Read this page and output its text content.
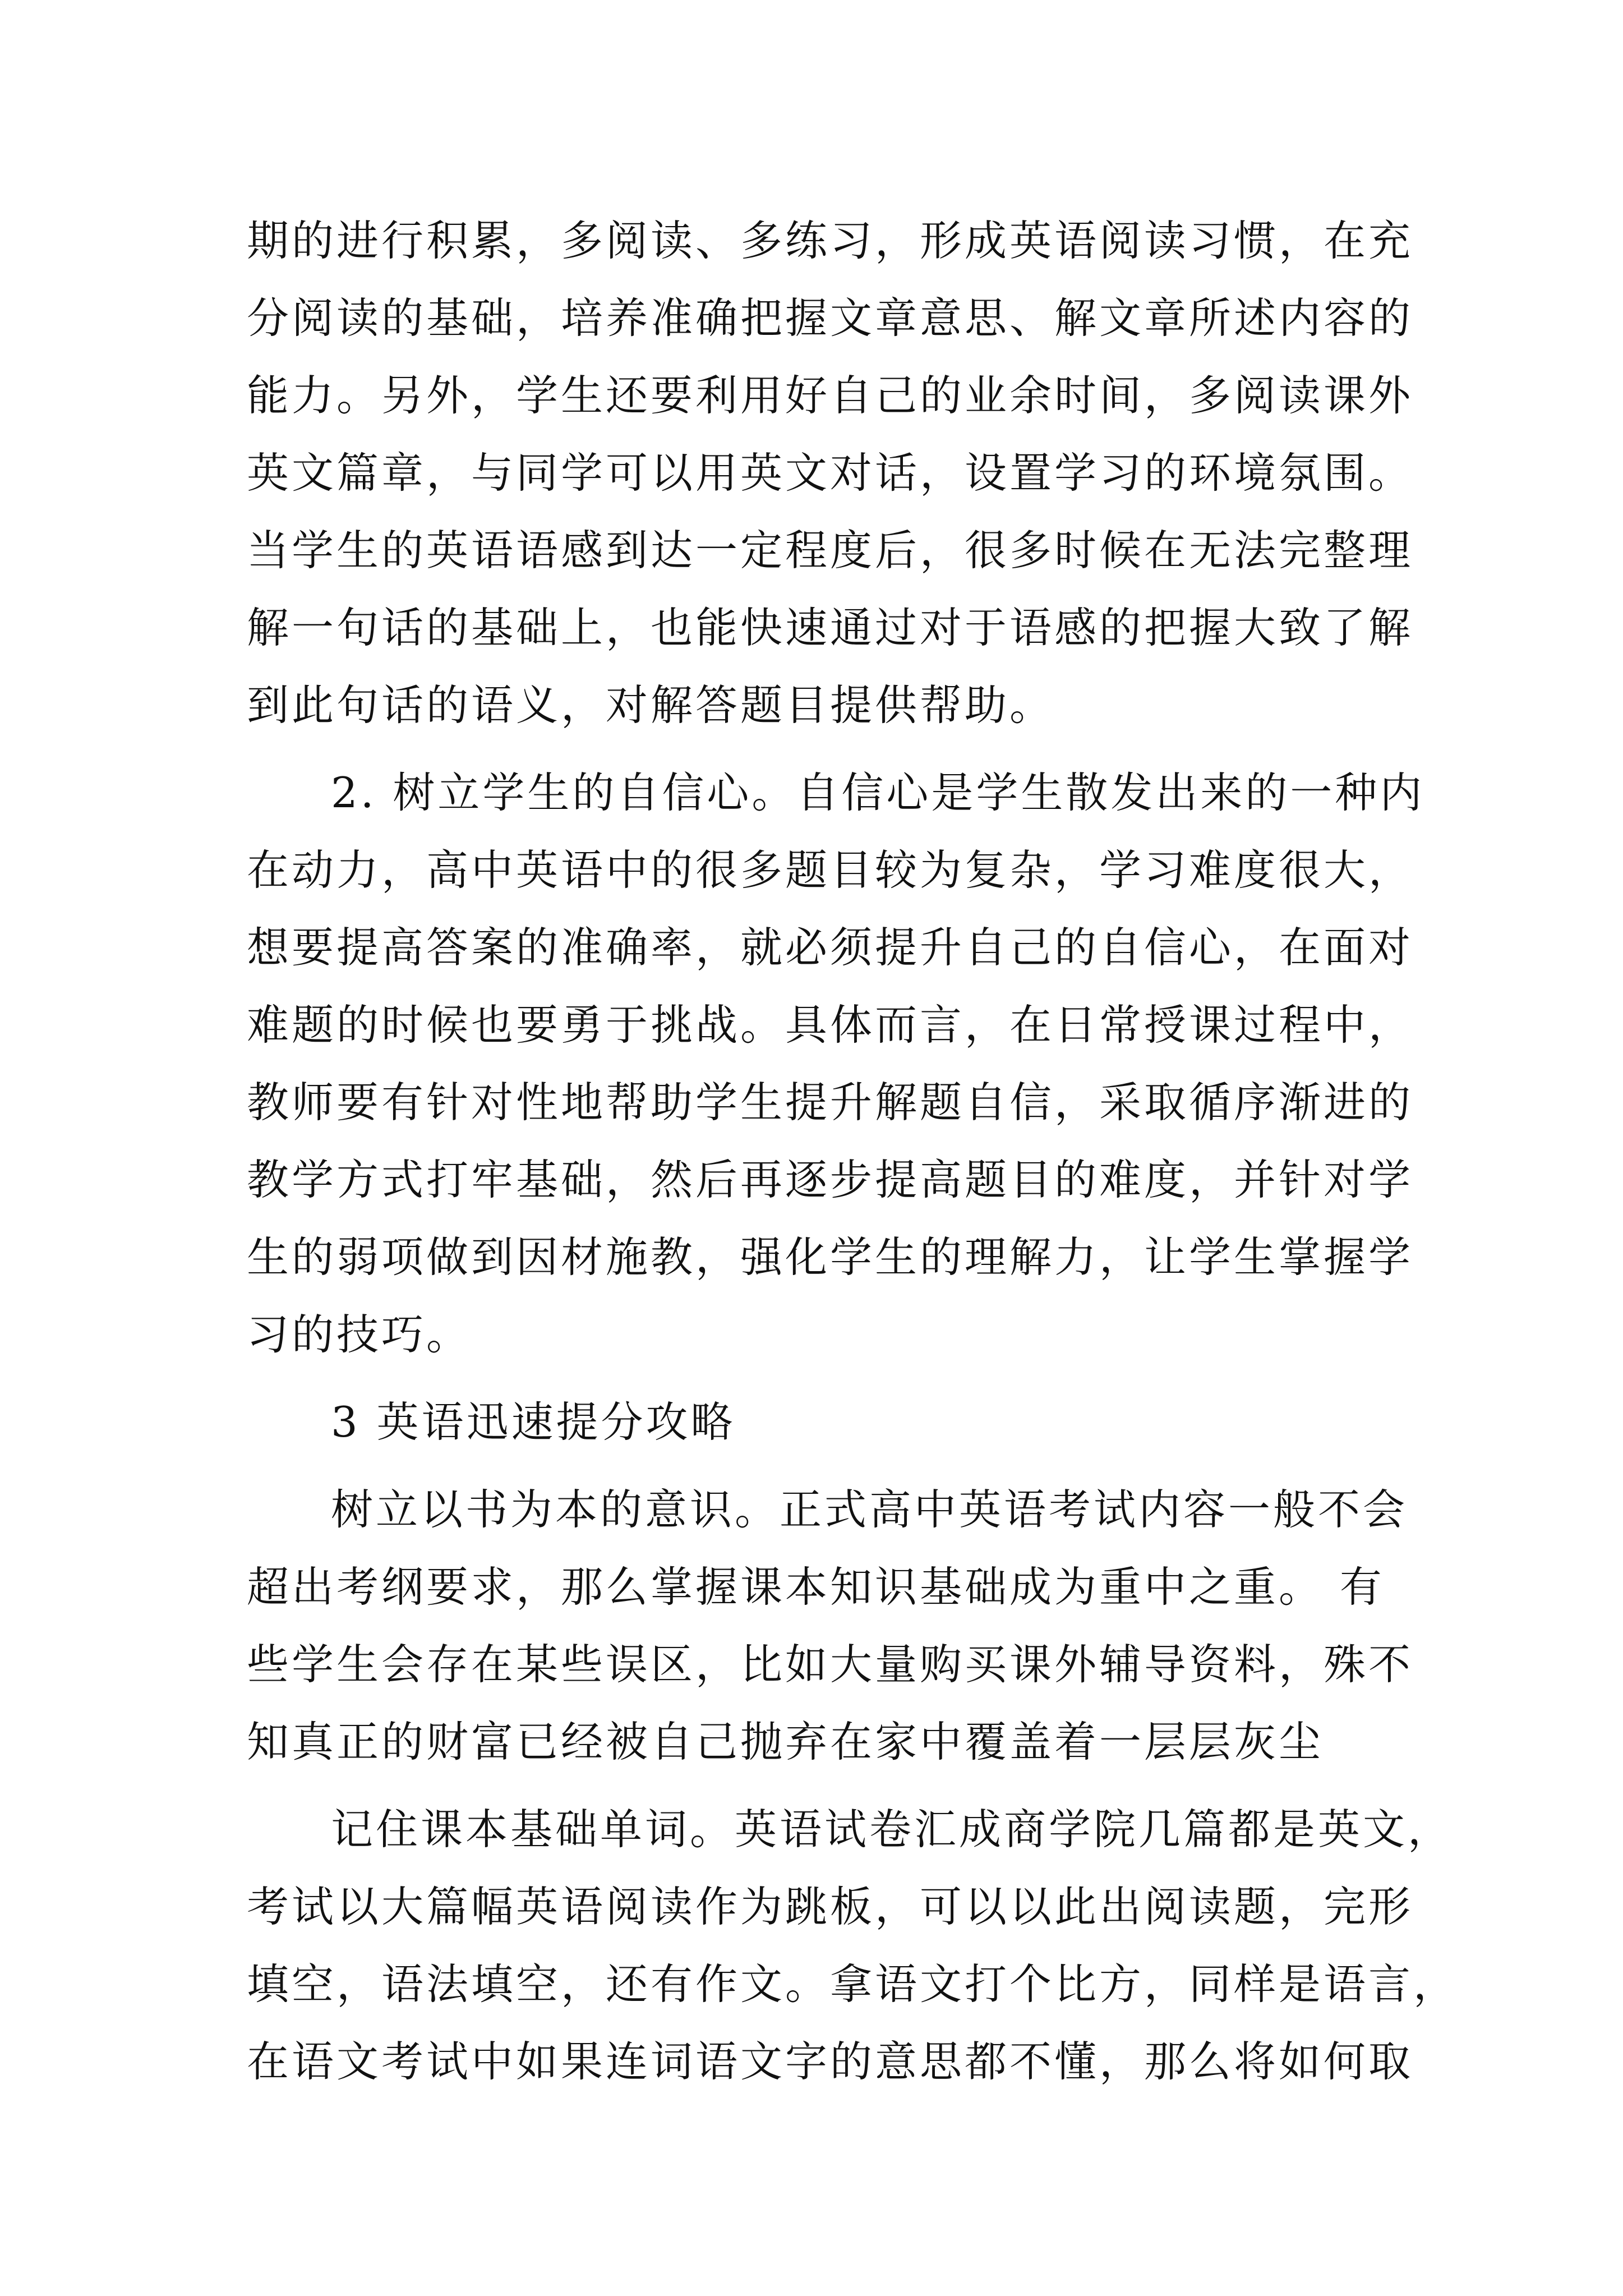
期的进行积累，多阅读、多练习，形成英语阅读习惯，在充
分阅读的基础，培养准确把握文章意思、解文章所述内容的
能力。另外，学生还要利用好自己的业余时间，多阅读课外
英文篇章，与同学可以用英文对话，设置学习的环境氛围。
当学生的英语语感到达一定程度后，很多时候在无法完整理
解一句话的基础上，也能快速通过对于语感的把握大致了解
到此句话的语义，对解答题目提供帮助。
2. 树立学生的自信心。自信心是学生散发出来的一种内
在动力，高中英语中的很多题目较为复杂，学习难度很大，
想要提高答案的准确率，就必须提升自己的自信心，在面对
难题的时候也要勇于挑战。具体而言，在日常授课过程中，
教师要有针对性地帮助学生提升解题自信，采取循序渐进的
教学方式打牢基础，然后再逐步提高题目的难度，并针对学
生的弱项做到因材施教，强化学生的理解力，让学生掌握学
习的技巧。
3 英语迅速提分攻略
树立以书为本的意识。正式高中英语考试内容一般不会
超出考纲要求，那么掌握课本知识基础成为重中之重。 有
些学生会存在某些误区，比如大量购买课外辅导资料，殊不
知真正的财富已经被自己抛弃在家中覆盖着一层层灰尘
记住课本基础单词。英语试卷汇成商学院几篇都是英文，
考试以大篇幅英语阅读作为跳板，可以以此出阅读题，完形
填空，语法填空，还有作文。拿语文打个比方，同样是语言，
在语文考试中如果连词语文字的意思都不懂，那么将如何取
